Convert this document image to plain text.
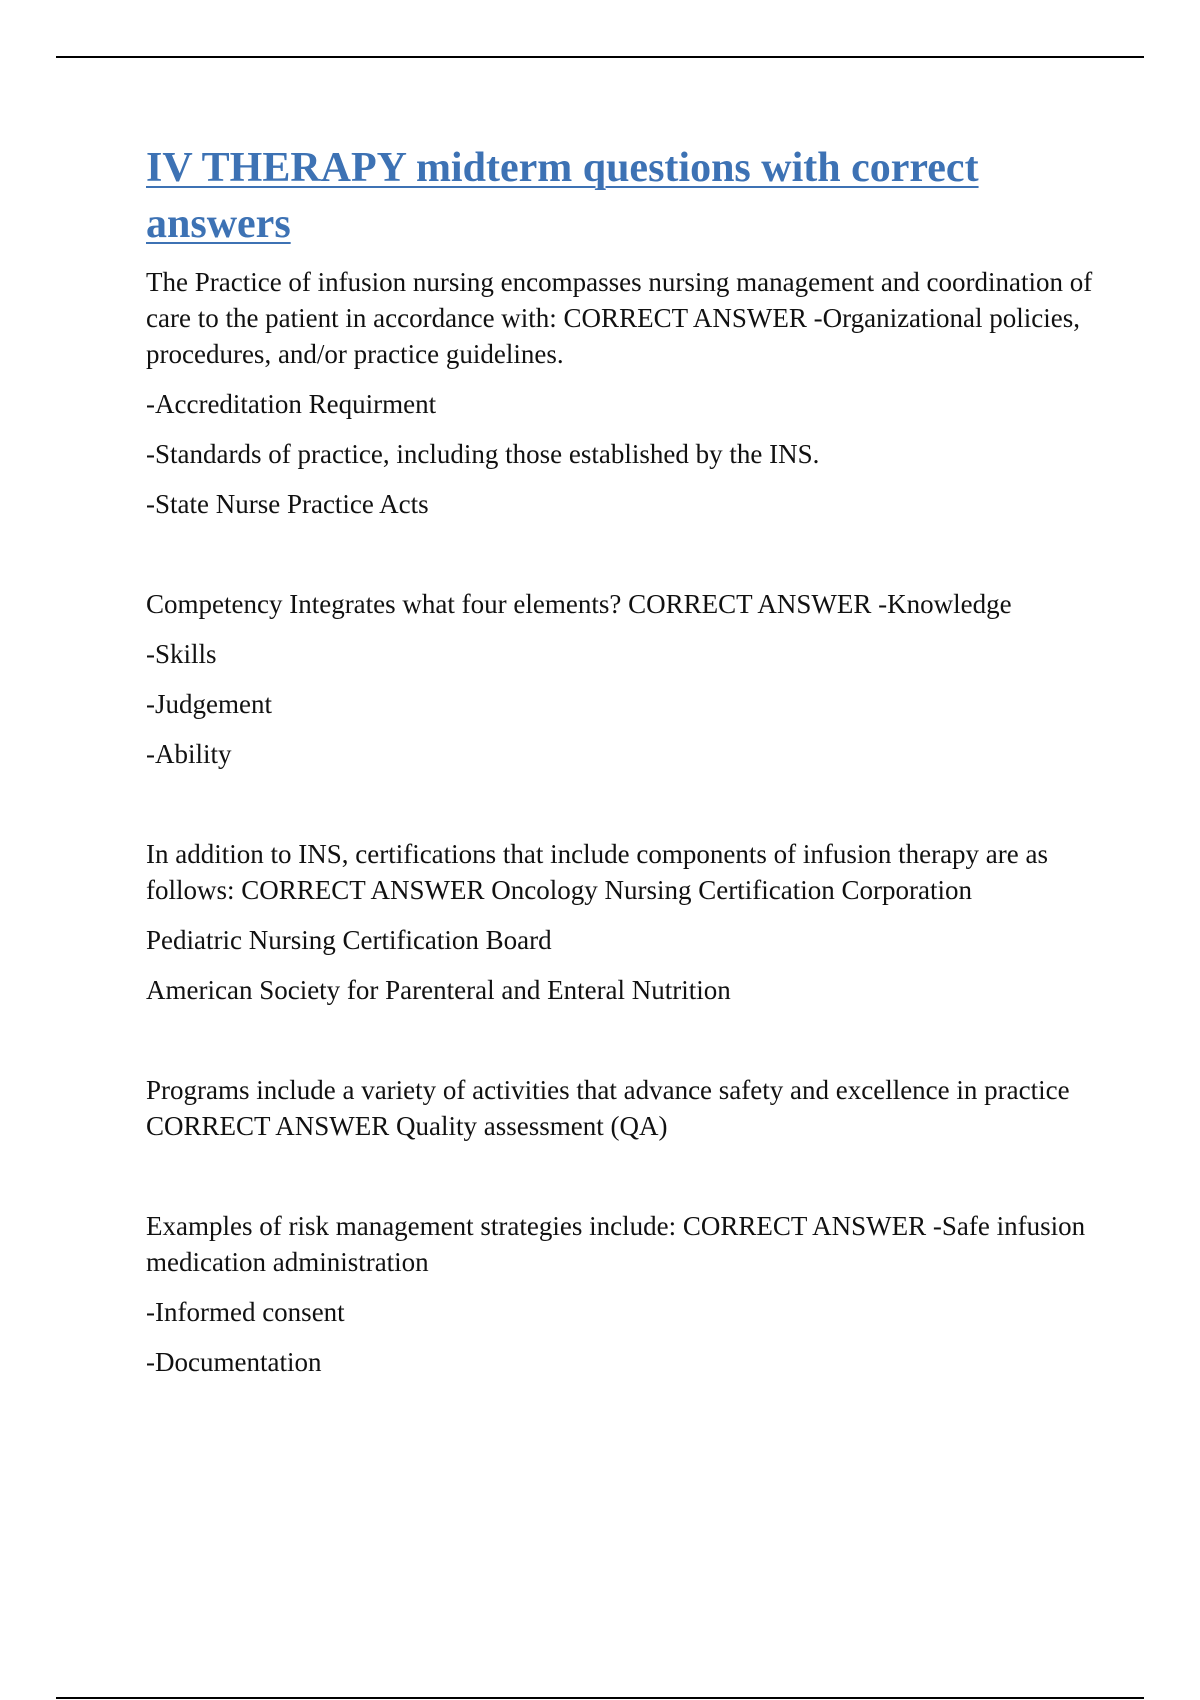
IV THERAPY midterm questions with correct answers

The Practice of infusion nursing encompasses nursing management and coordination of care to the patient in accordance with: CORRECT ANSWER -Organizational policies, procedures, and/or practice guidelines.

-Accreditation Requirment

-Standards of practice, including those established by the INS.

-State Nurse Practice Acts

Competency Integrates what four elements? CORRECT ANSWER -Knowledge

-Skills

-Judgement

-Ability

In addition to INS, certifications that include components of infusion therapy are as follows: CORRECT ANSWER Oncology Nursing Certification Corporation

Pediatric Nursing Certification Board

American Society for Parenteral and Enteral Nutrition

Programs include a variety of activities that advance safety and excellence in practice CORRECT ANSWER Quality assessment (QA)

Examples of risk management strategies include: CORRECT ANSWER -Safe infusion medication administration

-Informed consent

-Documentation
